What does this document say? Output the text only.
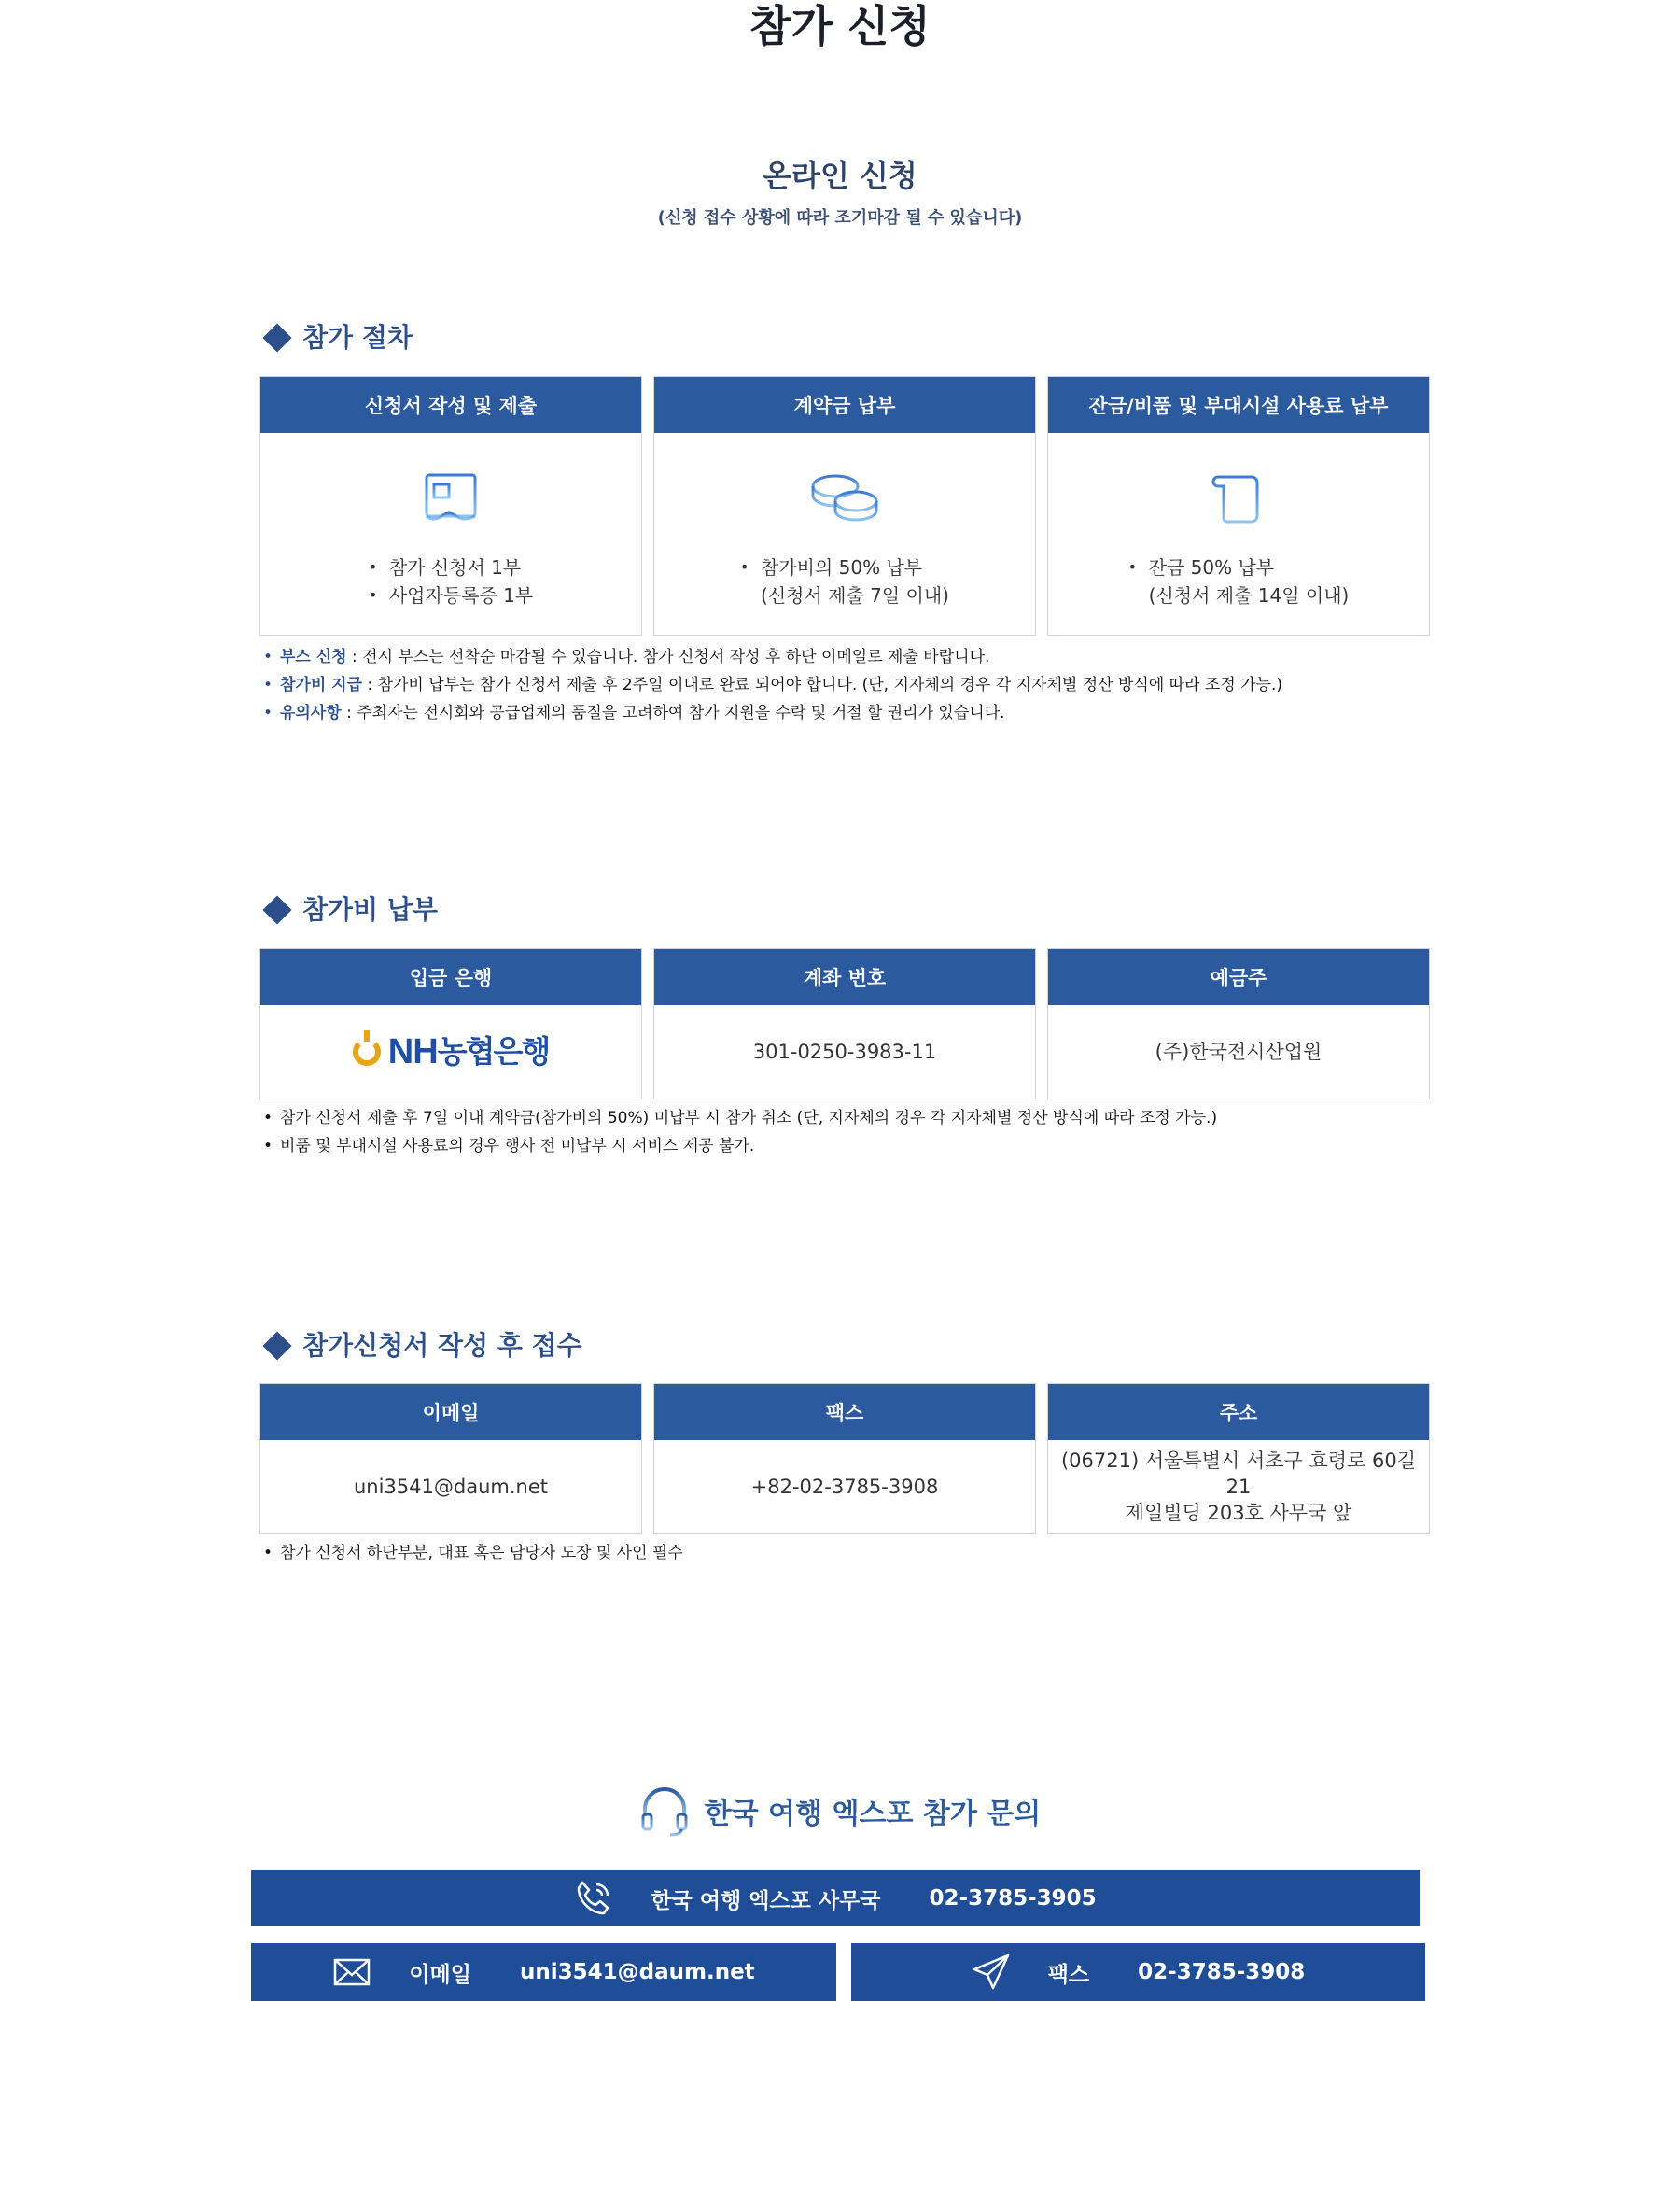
참가 신청
온라인 신청
(신청 접수 상황에 따라 조기마감 될 수 있습니다)
참가 절차
신청서 작성 및 제출
• 참가 신청서 1부
• 사업자등록증 1부
계약금 납부
• 참가비의 50% 납부
(신청서 제출 7일 이내)
잔금/비품 및 부대시설 사용료 납부
• 잔금 50% 납부
(신청서 제출 14일 이내)
• 부스 신청 : 전시 부스는 선착순 마감될 수 있습니다. 참가 신청서 작성 후 하단 이메일로 제출 바랍니다.
• 참가비 지급 : 참가비 납부는 참가 신청서 제출 후 2주일 이내로 완료 되어야 합니다. (단, 지자체의 경우 각 지자체별 정산 방식에 따라 조정 가능.)
• 유의사항 : 주최자는 전시회와 공급업체의 품질을 고려하여 참가 지원을 수락 및 거절 할 권리가 있습니다.
참가비 납부
입금 은행
NH 농협은행
계좌 번호
301-0250-3983-11
예금주
(주)한국전시산업원
• 참가 신청서 제출 후 7일 이내 계약금(참가비의 50%) 미납부 시 참가 취소 (단, 지자체의 경우 각 지자체별 정산 방식에 따라 조정 가능.)
• 비품 및 부대시설 사용료의 경우 행사 전 미납부 시 서비스 제공 불가.
참가신청서 작성 후 접수
이메일
uni3541@daum.net
팩스
+82-02-3785-3908
주소
(06721) 서울특별시 서초구 효령로 60길 21
제일빌딩 203호 사무국 앞
• 참가 신청서 하단부분, 대표 혹은 담당자 도장 및 사인 필수
한국 여행 엑스포 참가 문의
한국 여행 엑스포 사무국 02-3785-3905
이메일 uni3541@daum.net	팩스 02-3785-3908
